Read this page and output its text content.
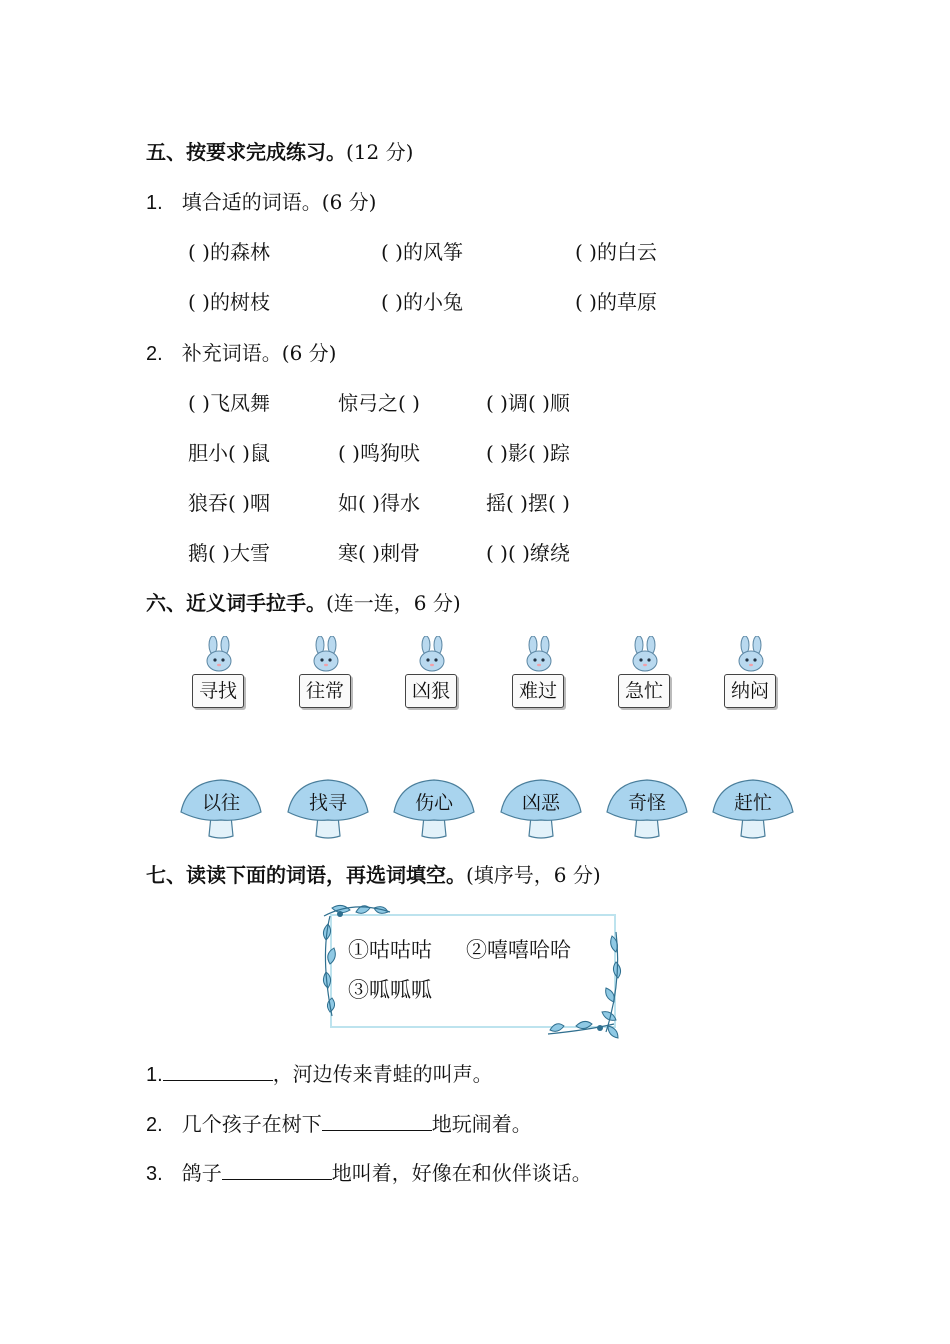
五、按要求完成练习。(12 分)
1. 填合适的词语。(6 分)
( )的森林	( )的风筝	( )的白云
( )的树枝	( )的小兔	( )的草原
2. 补充词语。(6 分)
( )飞凤舞	惊弓之( )	( )调( )顺
胆小( )鼠	( )鸣狗吠	( )影( )踪
狼吞( )咽	如( )得水	摇( )摆( )
鹅( )大雪	寒( )刺骨	( )( )缭绕
六、近义词手拉手。(连一连，6 分)
寻找	往常	凶狠	难过	急忙	纳闷
以往	找寻	伤心	凶恶	奇怪	赶忙
七、读读下面的词语，再选词填空。(填序号，6 分)
①咕咕咕 ②嘻嘻哈哈
③呱呱呱
1.	，河边传来青蛙的叫声。
2. 几个孩子在树下	地玩闹着。
3. 鸽子	地叫着，好像在和伙伴谈话。
